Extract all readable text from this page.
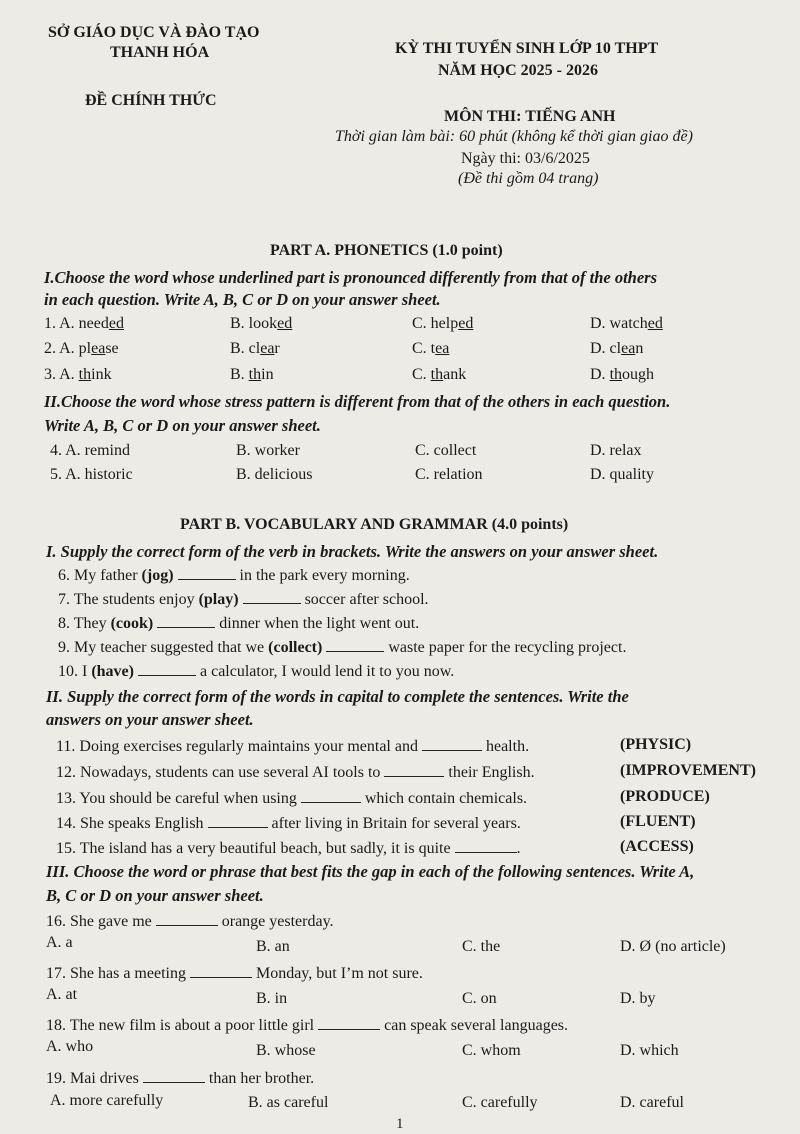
SỞ GIÁO DỤC VÀ ĐÀO TẠO
THANH HÓA
ĐỀ CHÍNH THỨC
KỲ THI TUYỂN SINH LỚP 10 THPT
NĂM HỌC 2025 - 2026
MÔN THI: TIẾNG ANH
Thời gian làm bài: 60 phút (không kể thời gian giao đề)
Ngày thi: 03/6/2025
(Đề thi gồm 04 trang)
PART A. PHONETICS (1.0 point)
I.Choose the word whose underlined part is pronounced differently from that of the others
in each question. Write A, B, C or D on your answer sheet.
1. A. needed	B. looked	C. helped	D. watched
2. A. please	B. clear	C. tea	D. clean
3. A. think	B. thin	C. thank	D. though
II.Choose the word whose stress pattern is different from that of the others in each question.
Write A, B, C or D on your answer sheet.
4. A. remind	B. worker	C. collect	D. relax
5. A. historic	B. delicious	C. relation	D. quality
PART B. VOCABULARY AND GRAMMAR (4.0 points)
I. Supply the correct form of the verb in brackets. Write the answers on your answer sheet.
6. My father (jog)	in the park every morning.
7. The students enjoy (play)	soccer after school.
8. They (cook)	dinner when the light went out.
9. My teacher suggested that we (collect)	waste paper for the recycling project.
10. I (have)	a calculator, I would lend it to you now.
II. Supply the correct form of the words in capital to complete the sentences. Write the
answers on your answer sheet.
11. Doing exercises regularly maintains your mental and	health.	(PHYSIC)
12. Nowadays, students can use several AI tools to	their English.	(IMPROVEMENT)
13. You should be careful when using	which contain chemicals.	(PRODUCE)
14. She speaks English	after living in Britain for several years.	(FLUENT)
15. The island has a very beautiful beach, but sadly, it is quite	.	(ACCESS)
III. Choose the word or phrase that best fits the gap in each of the following sentences. Write A,
B, C or D on your answer sheet.
16. She gave me	orange yesterday.
A. a	B. an	C. the	D. Ø (no article)
17. She has a meeting	Monday, but I’m not sure.
A. at	B. in	C. on	D. by
18. The new film is about a poor little girl	can speak several languages.
A. who	B. whose	C. whom	D. which
19. Mai drives	than her brother.
A. more carefully	B. as careful	C. carefully	D. careful
1
